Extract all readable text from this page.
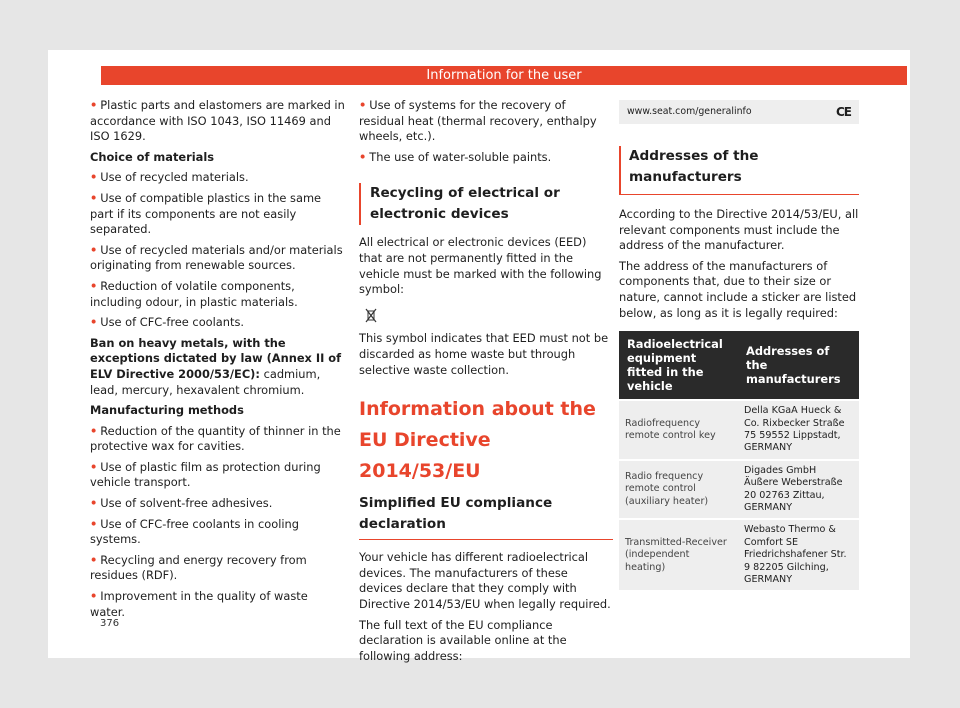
Information for the user

• Plastic parts and elastomers are marked in accordance with ISO 1043, ISO 11469 and ISO 1629.

Choice of materials

• Use of recycled materials.

• Use of compatible plastics in the same part if its components are not easily separated.

• Use of recycled materials and/or materials originating from renewable sources.

• Reduction of volatile components, including odour, in plastic materials.

• Use of CFC-free coolants.

Ban on heavy metals, with the exceptions dictated by law (Annex II of ELV Directive 2000/53/EC): cadmium, lead, mercury, hexavalent chromium.

Manufacturing methods

• Reduction of the quantity of thinner in the protective wax for cavities.

• Use of plastic film as protection during vehicle transport.

• Use of solvent-free adhesives.

• Use of CFC-free coolants in cooling systems.

• Recycling and energy recovery from residues (RDF).

• Improvement in the quality of waste water.

• Use of systems for the recovery of residual heat (thermal recovery, enthalpy wheels, etc.).

• The use of water-soluble paints.

Recycling of electrical or electronic devices

All electrical or electronic devices (EED) that are not permanently fitted in the vehicle must be marked with the following symbol:

This symbol indicates that EED must not be discarded as home waste but through selective waste collection.

Information about the EU Directive 2014/53/EU
Simplified EU compliance declaration

Your vehicle has different radioelectrical devices. The manufacturers of these devices declare that they comply with Directive 2014/53/EU when legally required.

The full text of the EU compliance declaration is available online at the following address:

www.seat.com/generalinfo	CE
Addresses of the manufacturers

According to the Directive 2014/53/EU, all relevant components must include the address of the manufacturer.

The address of the manufacturers of components that, due to their size or nature, cannot include a sticker are listed below, as long as it is legally required:

Radioelectrical equipment fitted in the vehicle	Addresses of the manufacturers
Radiofrequency remote control key	Della KGaA Hueck & Co. Rixbecker Straße 75 59552 Lippstadt, GERMANY
Radio frequency remote control (auxiliary heater)	Digades GmbH Äußere Weberstraße 20 02763 Zittau, GERMANY
Transmitted-Receiver (independent heating)	Webasto Thermo & Comfort SE Friedrichshafener Str. 9 82205 Gilching, GERMANY
376
